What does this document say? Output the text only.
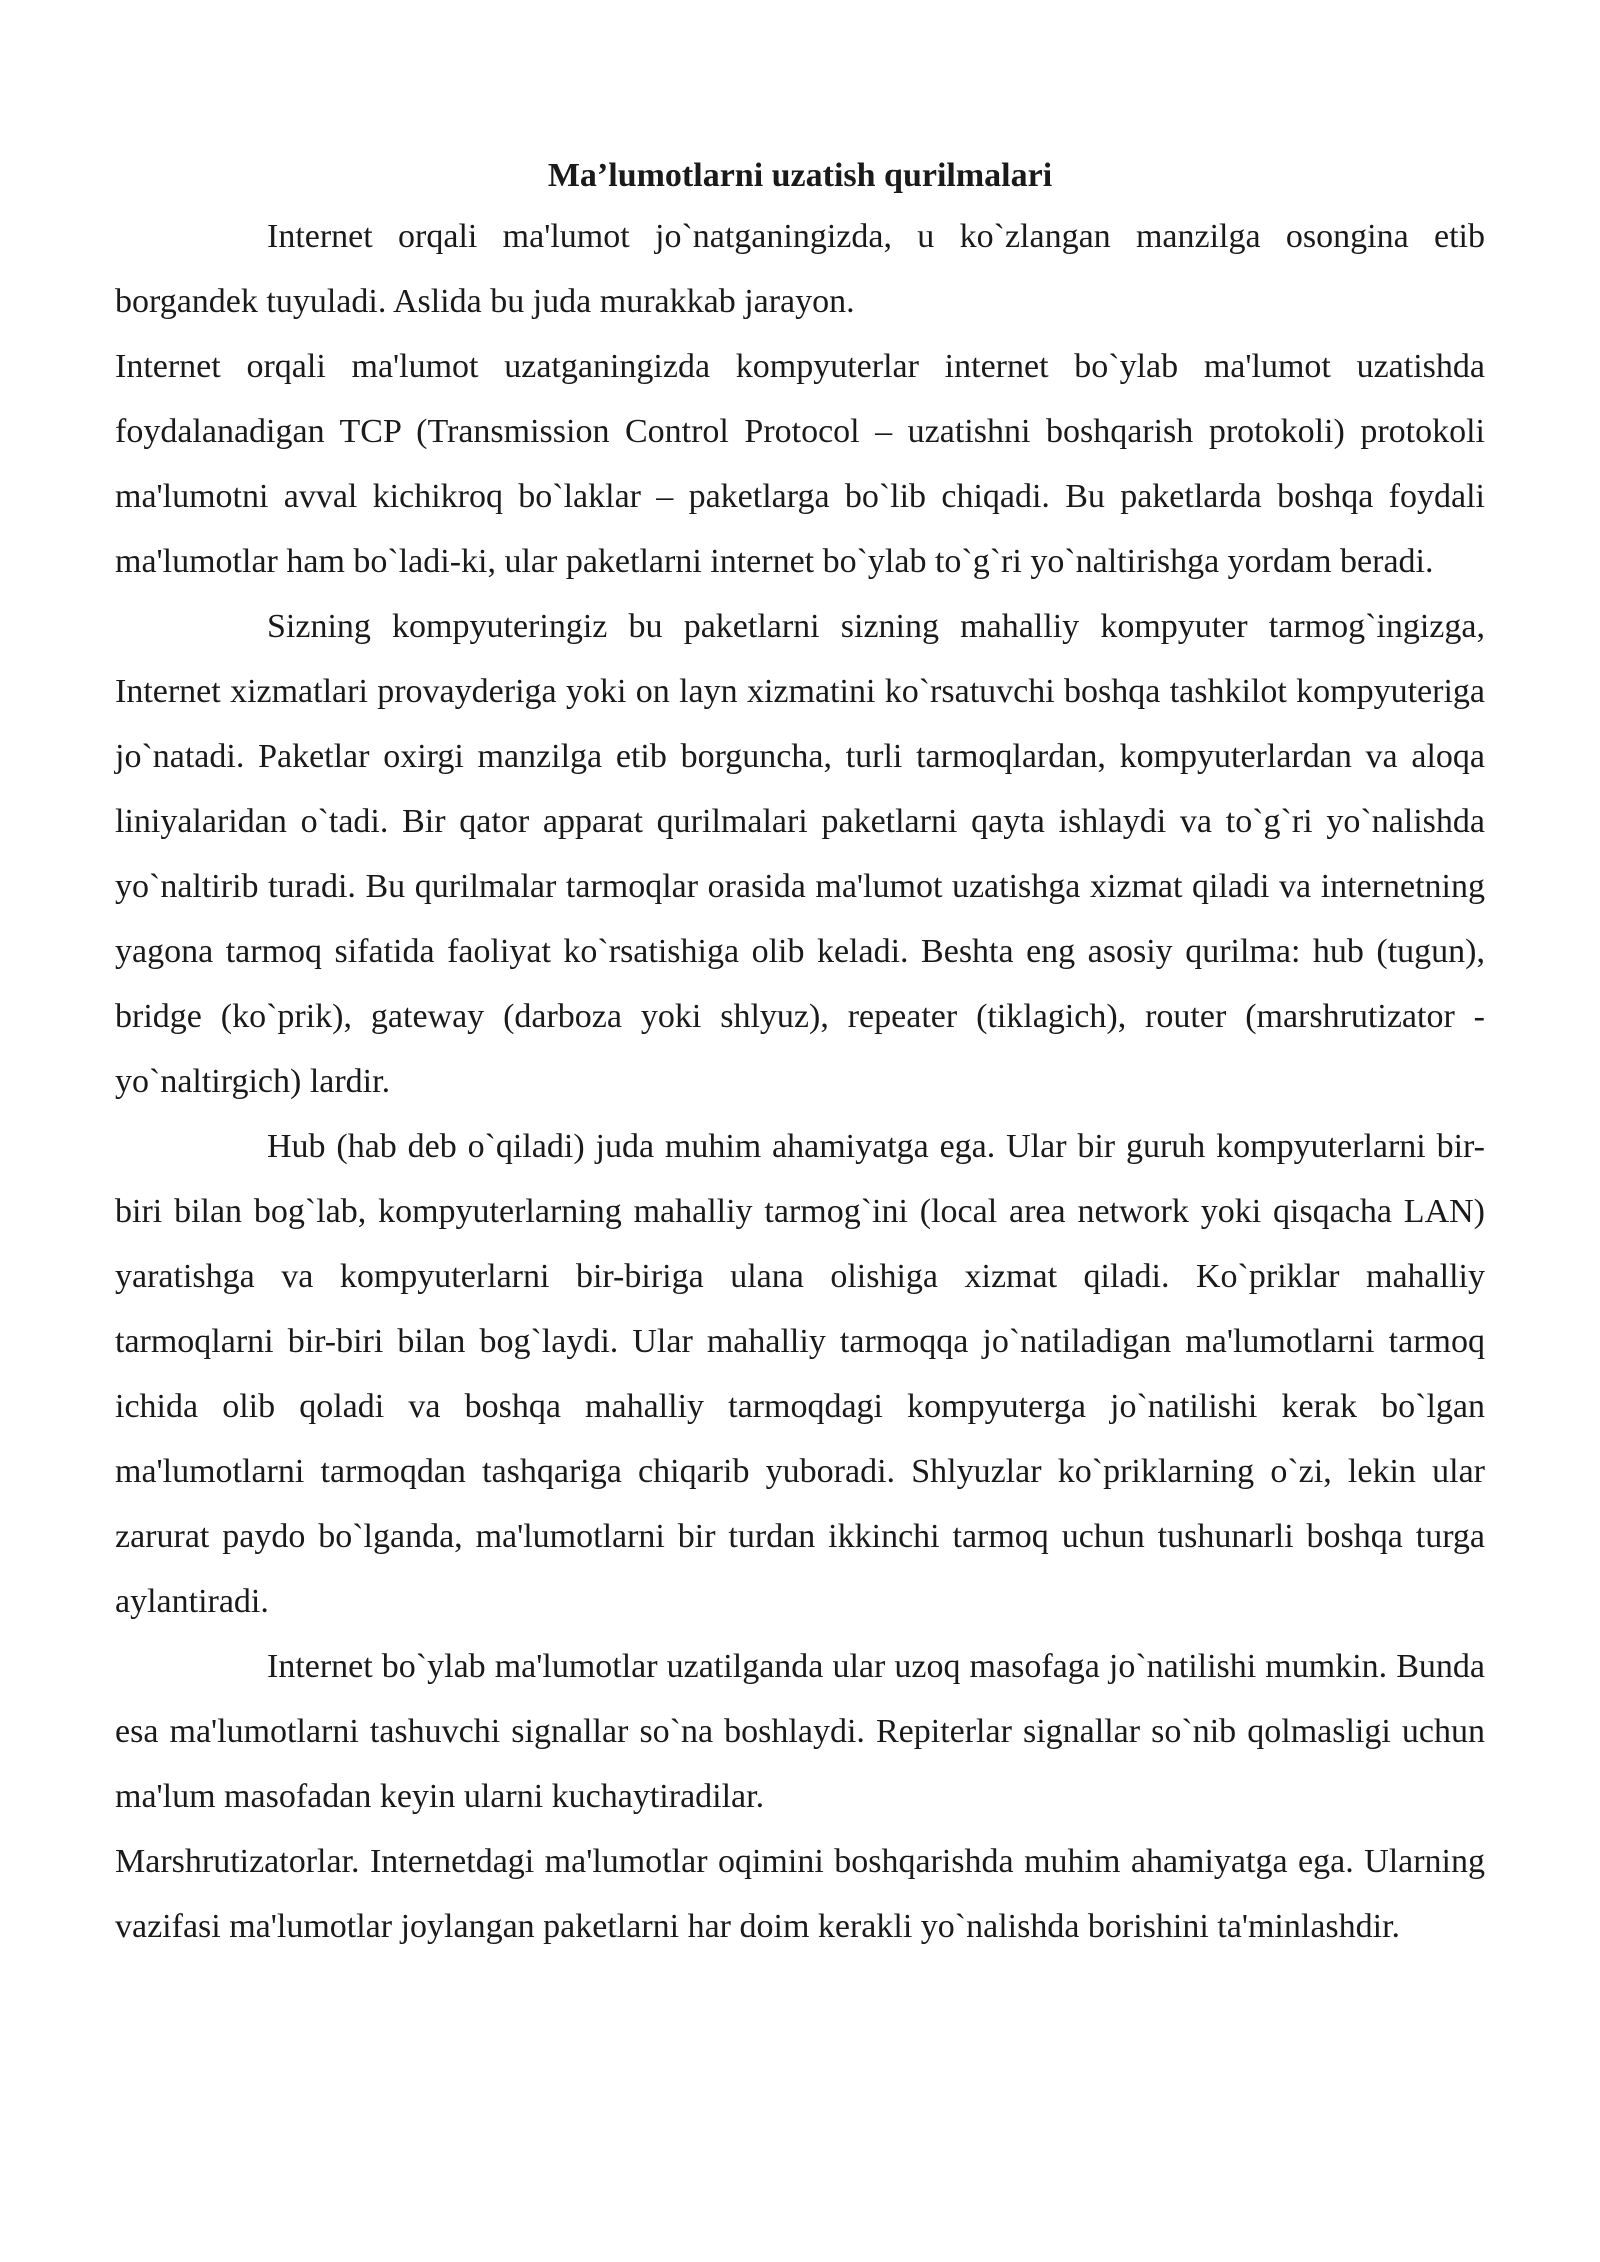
Ma’lumotlarni uzatish qurilmalari

Internet orqali ma'lumot jo`natganingizda, u ko`zlangan manzilga osongina etib borgandek tuyuladi. Aslida bu juda murakkab jarayon.

Internet orqali ma'lumot uzatganingizda kompyuterlar internet bo`ylab ma'lumot uzatishda foydalanadigan TCP (Transmission Control Protocol – uzatishni boshqarish protokoli) protokoli ma'lumotni avval kichikroq bo`laklar – paketlarga bo`lib chiqadi. Bu paketlarda boshqa foydali ma'lumotlar ham bo`ladi-ki, ular paketlarni internet bo`ylab to`g`ri yo`naltirishga yordam beradi.

Sizning kompyuteringiz bu paketlarni sizning mahalliy kompyuter tarmog`ingizga, Internet xizmatlari provayderiga yoki on layn xizmatini ko`rsatuvchi boshqa tashkilot kompyuteriga jo`natadi. Paketlar oxirgi manzilga etib borguncha, turli tarmoqlardan, kompyuterlardan va aloqa liniyalaridan o`tadi. Bir qator apparat qurilmalari paketlarni qayta ishlaydi va to`g`ri yo`nalishda yo`naltirib turadi. Bu qurilmalar tarmoqlar orasida ma'lumot uzatishga xizmat qiladi va internetning yagona tarmoq sifatida faoliyat ko`rsatishiga olib keladi. Beshta eng asosiy qurilma: hub (tugun), bridge (ko`prik), gateway (darboza yoki shlyuz), repeater (tiklagich), router (marshrutizator - yo`naltirgich) lardir.

Hub (hab deb o`qiladi) juda muhim ahamiyatga ega. Ular bir guruh kompyuterlarni bir-biri bilan bog`lab, kompyuterlarning mahalliy tarmog`ini (local area network yoki qisqacha LAN) yaratishga va kompyuterlarni bir-biriga ulana olishiga xizmat qiladi. Ko`priklar mahalliy tarmoqlarni bir-biri bilan bog`laydi. Ular mahalliy tarmoqqa jo`natiladigan ma'lumotlarni tarmoq ichida olib qoladi va boshqa mahalliy tarmoqdagi kompyuterga jo`natilishi kerak bo`lgan ma'lumotlarni tarmoqdan tashqariga chiqarib yuboradi. Shlyuzlar ko`priklarning o`zi, lekin ular zarurat paydo bo`lganda, ma'lumotlarni bir turdan ikkinchi tarmoq uchun tushunarli boshqa turga aylantiradi.

Internet bo`ylab ma'lumotlar uzatilganda ular uzoq masofaga jo`natilishi mumkin. Bunda esa ma'lumotlarni tashuvchi signallar so`na boshlaydi. Repiterlar signallar so`nib qolmasligi uchun ma'lum masofadan keyin ularni kuchaytiradilar.

Marshrutizatorlar. Internetdagi ma'lumotlar oqimini boshqarishda muhim ahamiyatga ega. Ularning vazifasi ma'lumotlar joylangan paketlarni har doim kerakli yo`nalishda borishini ta'minlashdir.
